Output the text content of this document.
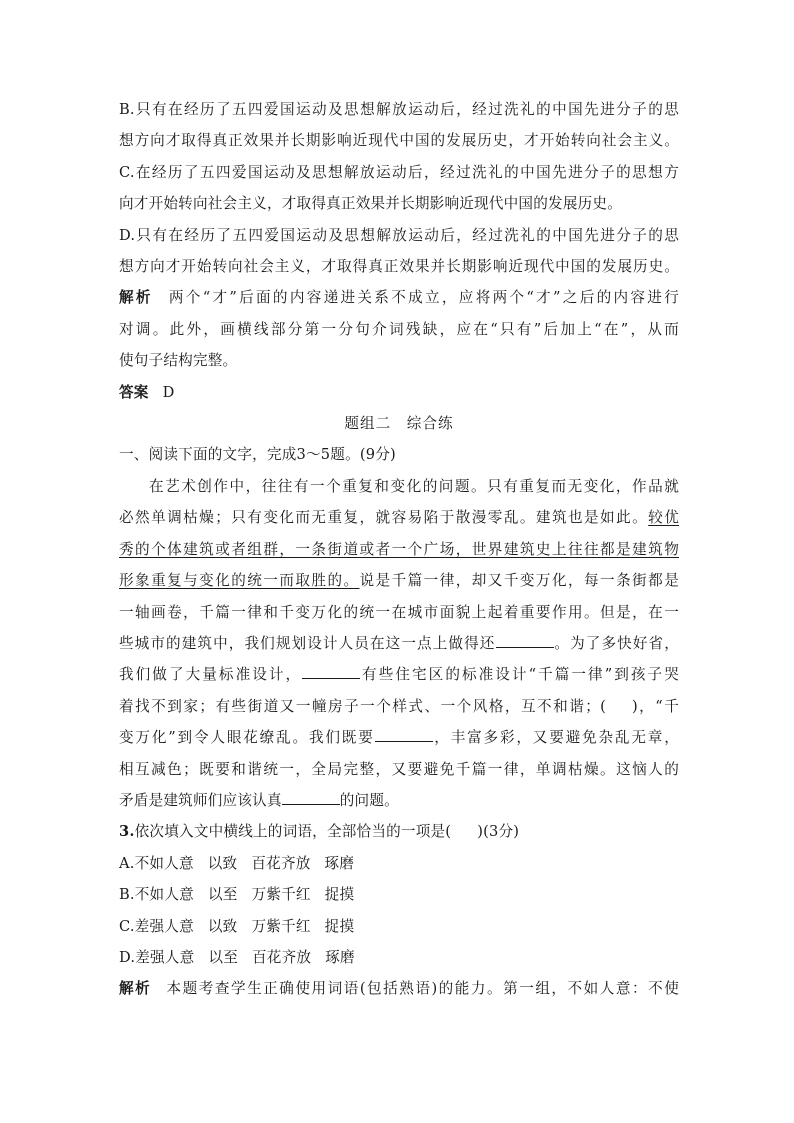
B.只有在经历了五四爱国运动及思想解放运动后，经过洗礼的中国先进分子的思
想方向才取得真正效果并长期影响近现代中国的发展历史，才开始转向社会主义。
C.在经历了五四爱国运动及思想解放运动后，经过洗礼的中国先进分子的思想方
向才开始转向社会主义，才取得真正效果并长期影响近现代中国的发展历史。
D.只有在经历了五四爱国运动及思想解放运动后，经过洗礼的中国先进分子的思
想方向才开始转向社会主义，才取得真正效果并长期影响近现代中国的发展历史。
解析 两个“才”后面的内容递进关系不成立，应将两个“才”之后的内容进行
对调。此外，画横线部分第一分句介词残缺，应在“只有”后加上“在”，从而
使句子结构完整。
答案 D
题组二　综合练
一、阅读下面的文字，完成3～5题。(9分)
在艺术创作中，往往有一个重复和变化的问题。只有重复而无变化，作品就
必然单调枯燥；只有变化而无重复，就容易陷于散漫零乱。建筑也是如此。较优
秀的个体建筑或者组群，一条街道或者一个广场，世界建筑史上往往都是建筑物
形象重复与变化的统一而取胜的。说是千篇一律，却又千变万化，每一条街都是
一轴画卷，千篇一律和千变万化的统一在城市面貌上起着重要作用。但是，在一
些城市的建筑中，我们规划设计人员在这一点上做得还	。为了多快好省，
我们做了大量标准设计，	有些住宅区的标准设计“千篇一律”到孩子哭
着找不到家；有些街道又一幢房子一个样式、一个风格，互不和谐；( )，“千
变万化”到令人眼花缭乱。我们既要	，丰富多彩，又要避免杂乱无章，
相互减色；既要和谐统一，全局完整，又要避免千篇一律，单调枯燥。这恼人的
矛盾是建筑师们应该认真	的问题。
3.依次填入文中横线上的词语，全部恰当的一项是( )(3分)
A.不如人意 以致 百花齐放 琢磨
B.不如人意 以至 万紫千红 捉摸
C.差强人意 以致 万紫千红 捉摸
D.差强人意 以至 百花齐放 琢磨
解析 本题考查学生正确使用词语(包括熟语)的能力。第一组，不如人意：不使
